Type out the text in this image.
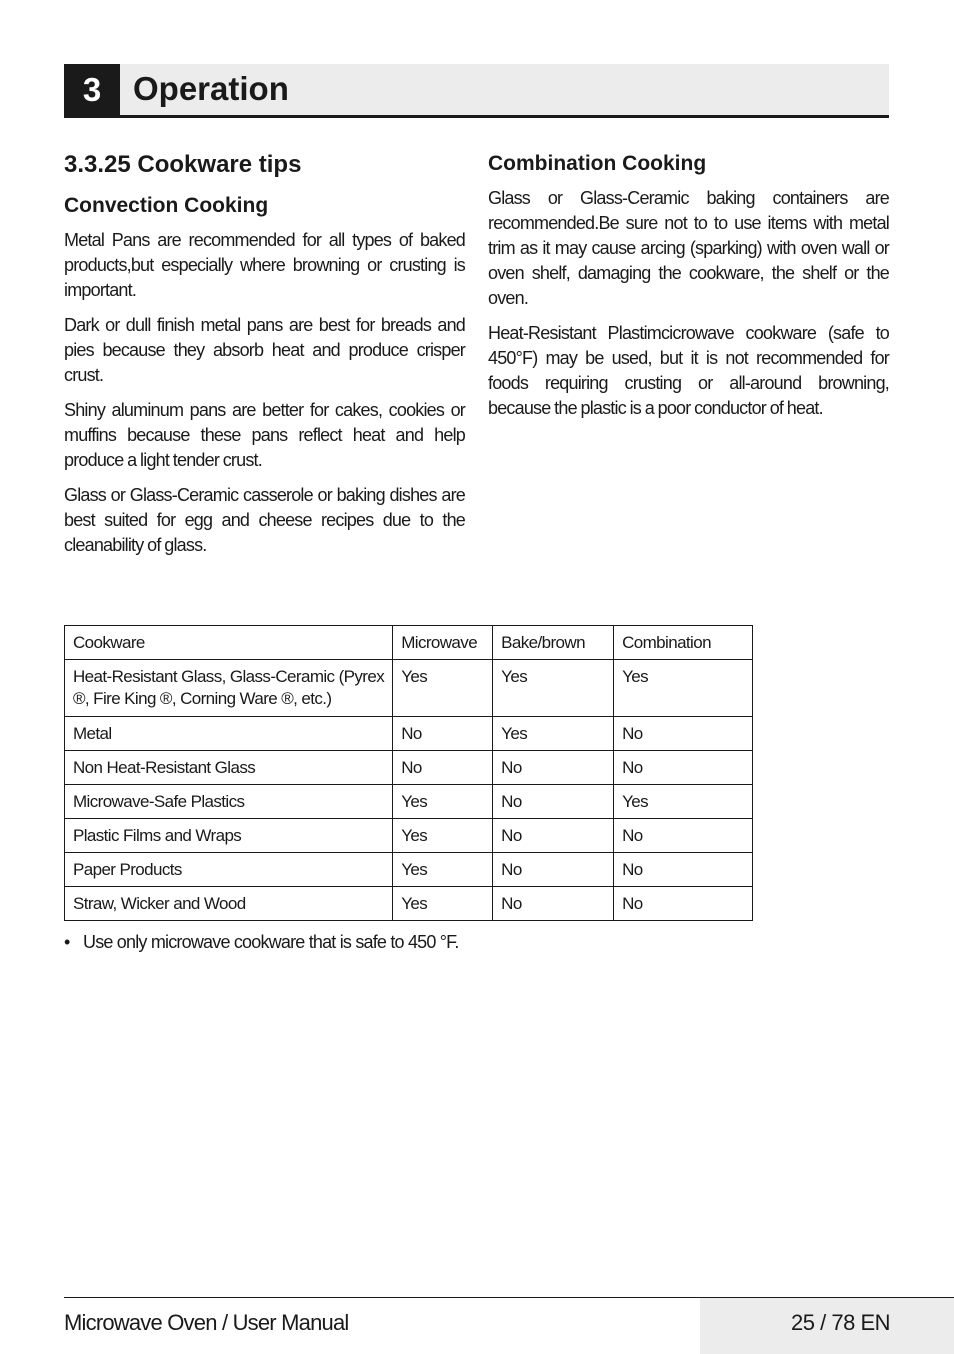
3 Operation
3.3.25 Cookware tips
Convection Cooking

Metal Pans are recommended for all types of baked products,but especially where browning or crusting is important.

Dark or dull finish metal pans are best for breads and pies because they absorb heat and produce crisper crust.

Shiny aluminum pans are better for cakes, cookies or muffins because these pans reflect heat and help produce a light tender crust.

Glass or Glass-Ceramic casserole or baking dishes are best suited for egg and cheese recipes due to the cleanability of glass.

Combination Cooking

Glass or Glass-Ceramic baking containers are recommended.Be sure not to to use items with metal trim as it may cause arcing (sparking) with oven wall or oven shelf, damaging the cookware, the shelf or the oven.

Heat-Resistant Plastimcicrowave cookware (safe to 450°F) may be used, but it is not recommended for foods requiring crusting or all-around browning, because the plastic is a poor conductor of heat.

Cookware	Microwave	Bake/brown	Combination
Heat-Resistant Glass, Glass-Ceramic (Pyrex ®, Fire King ®, Corning Ware ®, etc.)	Yes	Yes	Yes
Metal	No	Yes	No
Non Heat-Resistant Glass	No	No	No
Microwave-Safe Plastics	Yes	No	Yes
Plastic Films and Wraps	Yes	No	No
Paper Products	Yes	No	No
Straw, Wicker and Wood	Yes	No	No
• Use only microwave cookware that is safe to 450 °F.
Microwave Oven / User Manual	25 / 78 EN
